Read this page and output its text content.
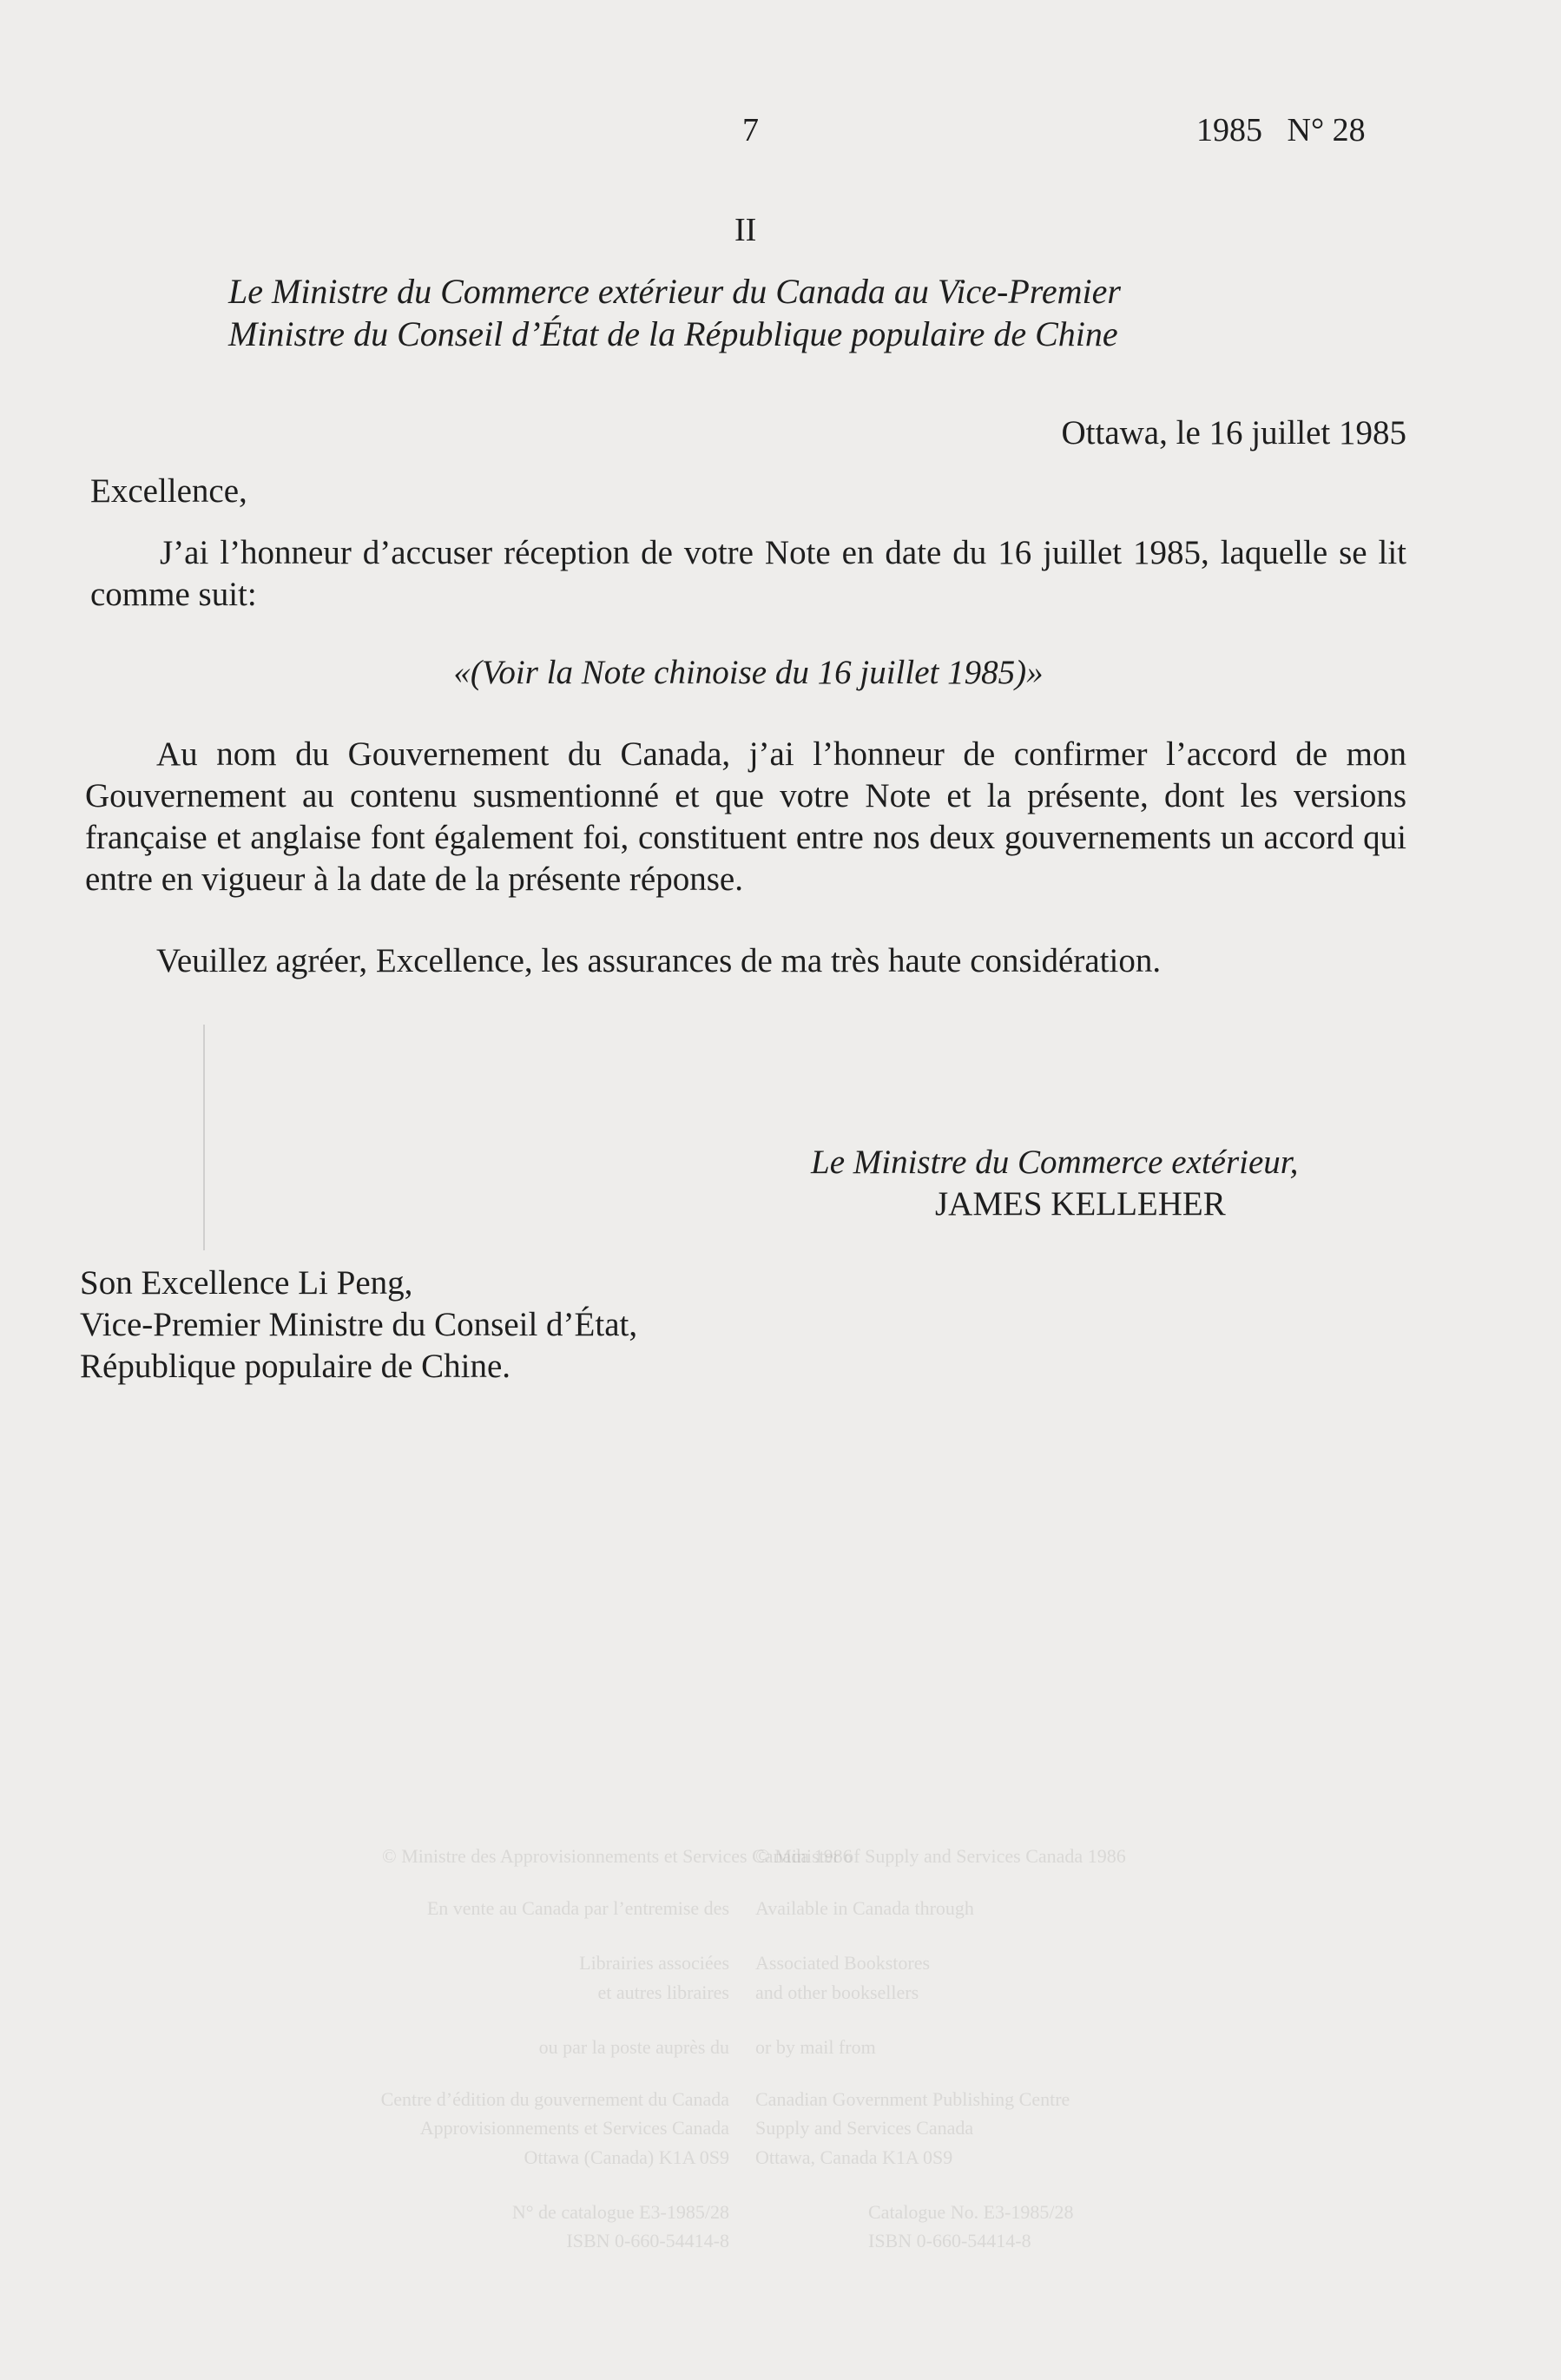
7	1985   N° 28
II
Le Ministre du Commerce extérieur du Canada au Vice-Premier
Ministre du Conseil d’État de la République populaire de Chine
Ottawa, le 16 juillet 1985
Excellence,
J’ai l’honneur d’accuser réception de votre Note en date du 16 juillet 1985, laquelle se lit comme suit:
«(Voir la Note chinoise du 16 juillet 1985)»
Au nom du Gouvernement du Canada, j’ai l’honneur de confirmer l’accord de mon Gouvernement au contenu susmentionné et que votre Note et la présente, dont les versions française et anglaise font également foi, constituent entre nos deux gouvernements un accord qui entre en vigueur à la date de la présente réponse.
Veuillez agréer, Excellence, les assurances de ma très haute considération.
Le Ministre du Commerce extérieur,
JAMES KELLEHER
Son Excellence Li Peng,
Vice-Premier Ministre du Conseil d’État,
République populaire de Chine.
© Ministre des Approvisionnements et Services Canada 1986
En vente au Canada par l’entremise des
Librairies associées
et autres libraires
ou par la poste auprès du
Centre d’édition du gouvernement du Canada
Approvisionnements et Services Canada
Ottawa (Canada) K1A 0S9
N° de catalogue E3-1985/28
ISBN 0-660-54414-8
© Minister of Supply and Services Canada 1986
Available in Canada through
Associated Bookstores
and other booksellers
or by mail from
Canadian Government Publishing Centre
Supply and Services Canada
Ottawa, Canada K1A 0S9
Catalogue No. E3-1985/28
ISBN 0-660-54414-8
